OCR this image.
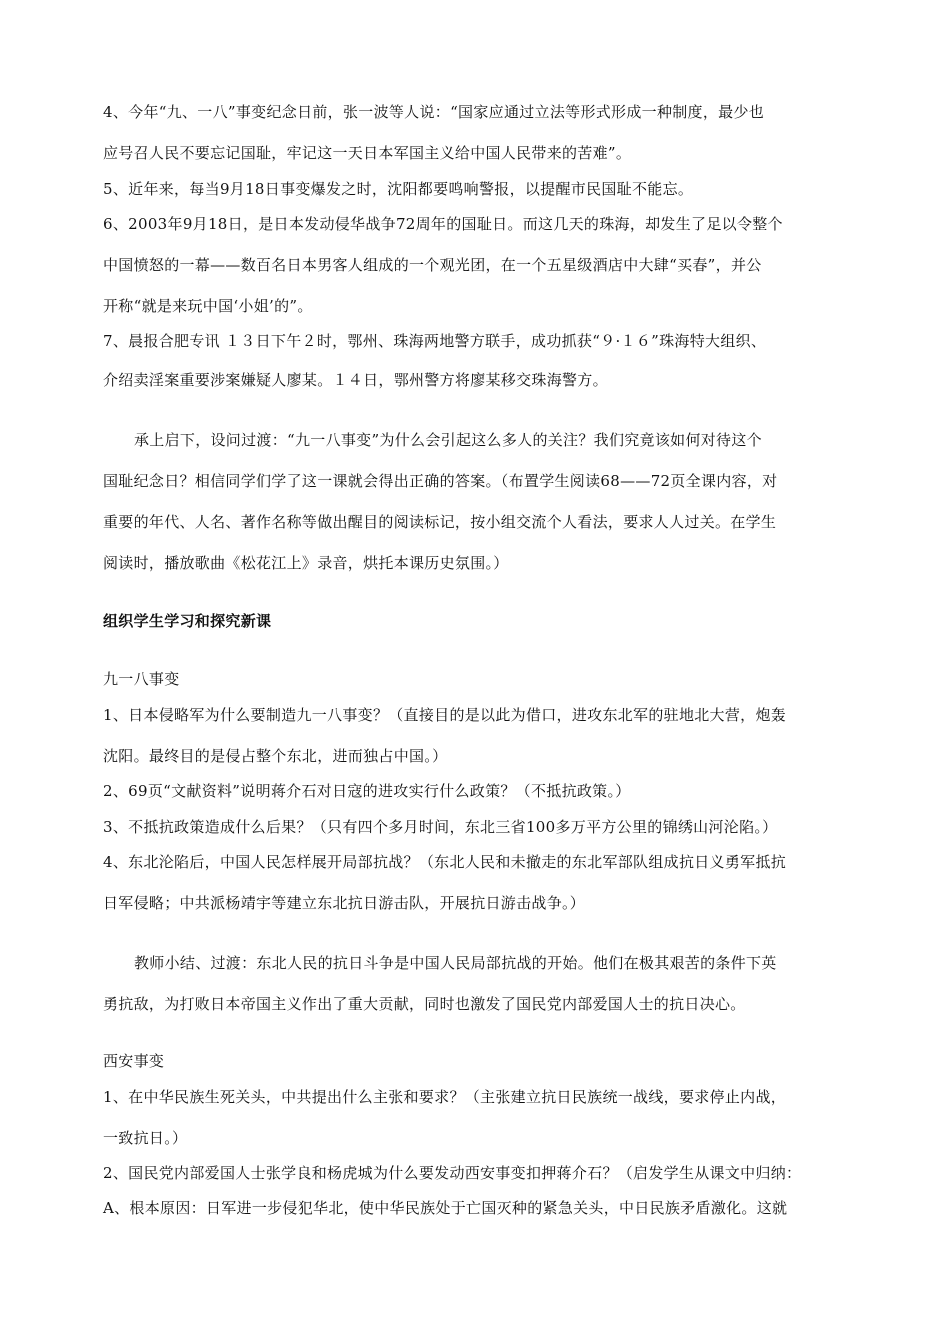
4、今年“九、一八”事变纪念日前，张一波等人说：“国家应通过立法等形式形成一种制度，最少也
应号召人民不要忘记国耻，牢记这一天日本军国主义给中国人民带来的苦难”。
5、近年来，每当9月18日事变爆发之时，沈阳都要鸣响警报，以提醒市民国耻不能忘。
6、2003年9月18日，是日本发动侵华战争72周年的国耻日。而这几天的珠海，却发生了足以令整个
中国愤怒的一幕——数百名日本男客人组成的一个观光团，在一个五星级酒店中大肆“买春”，并公
开称“就是来玩中国‘小姐’的”。
7、晨报合肥专讯 １３日下午２时，鄂州、珠海两地警方联手，成功抓获“９·１６”珠海特大组织、
介绍卖淫案重要涉案嫌疑人廖某。１４日，鄂州警方将廖某移交珠海警方。
承上启下，设问过渡：“九一八事变”为什么会引起这么多人的关注？我们究竟该如何对待这个
国耻纪念日？相信同学们学了这一课就会得出正确的答案。（布置学生阅读68——72页全课内容，对
重要的年代、人名、著作名称等做出醒目的阅读标记，按小组交流个人看法，要求人人过关。在学生
阅读时，播放歌曲《松花江上》录音，烘托本课历史氛围。）
组织学生学习和探究新课
九一八事变
1、日本侵略军为什么要制造九一八事变？（直接目的是以此为借口，进攻东北军的驻地北大营，炮轰
沈阳。最终目的是侵占整个东北，进而独占中国。）
2、69页“文献资料”说明蒋介石对日寇的进攻实行什么政策？（不抵抗政策。）
3、不抵抗政策造成什么后果？（只有四个多月时间，东北三省100多万平方公里的锦绣山河沦陷。）
4、东北沦陷后，中国人民怎样展开局部抗战？（东北人民和未撤走的东北军部队组成抗日义勇军抵抗
日军侵略；中共派杨靖宇等建立东北抗日游击队，开展抗日游击战争。）
教师小结、过渡：东北人民的抗日斗争是中国人民局部抗战的开始。他们在极其艰苦的条件下英
勇抗敌，为打败日本帝国主义作出了重大贡献，同时也激发了国民党内部爱国人士的抗日决心。
西安事变
1、在中华民族生死关头，中共提出什么主张和要求？（主张建立抗日民族统一战线，要求停止内战，
一致抗日。）
2、国民党内部爱国人士张学良和杨虎城为什么要发动西安事变扣押蒋介石？（启发学生从课文中归纳：
A、根本原因：日军进一步侵犯华北，使中华民族处于亡国灭种的紧急关头，中日民族矛盾激化。这就
